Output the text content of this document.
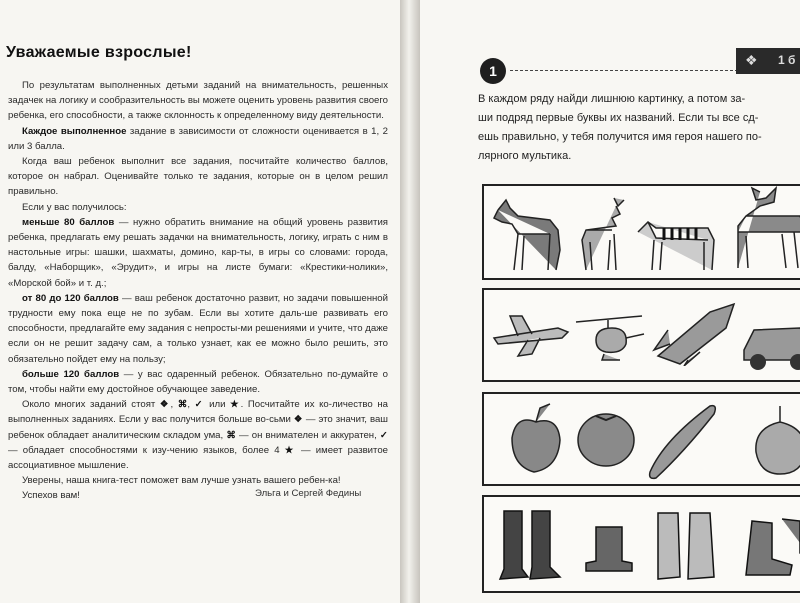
Уважаемые взрослые!

По результатам выполненных детьми заданий на внимательность, решенных задачек на логику и сообразительность вы можете оценить уровень развития своего ребенка, его способности, а также склонность к определенному виду деятельности.

Каждое выполненное задание в зависимости от сложности оценивается в 1, 2 или 3 балла.

Когда ваш ребенок выполнит все задания, посчитайте количество баллов, которое он набрал. Оценивайте только те задания, которые он в целом решил правильно.

Если у вас получилось:

меньше 80 баллов — нужно обратить внимание на общий уровень развития ребенка, предлагать ему решать задачки на внимательность, логику, играть с ним в настольные игры: шашки, шахматы, домино, кар-ты, в игры со словами: города, балду, «Наборщик», «Эрудит», и игры на листе бумаги: «Крестики-нолики», «Морской бой» и т. д.;

от 80 до 120 баллов — ваш ребенок достаточно развит, но задачи повышенной трудности ему пока еще не по зубам. Если вы хотите даль-ше развивать его способности, предлагайте ему задания с непросты-ми решениями и учите, что даже если он не решит задачу сам, а только узнает, как ее можно было решить, это обязательно пойдет ему на пользу;

больше 120 баллов — у вас одаренный ребенок. Обязательно по-думайте о том, чтобы найти ему достойное обучающее заведение.

Около многих заданий стоят ❖, ⌘, ✓ или ★. Посчитайте их ко-личество на выполненных заданиях. Если у вас получится больше во-сьми ❖ — это значит, ваш ребенок обладает аналитическим складом ума, ⌘ — он внимателен и аккуратен, ✓ — обладает способностями к изу-чению языков, более 4 ★ — имеет развитое ассоциативное мышление.

Уверены, наша книга-тест поможет вам лучше узнать вашего ребен-ка!

Успехов вам!	Эльга и Сергей Федины
1
❖ 1 б
В каждом ряду найди лишнюю картинку, а потом за-
ши подряд первые буквы их названий. Если ты все сд-
ешь правильно, у тебя получится имя героя нашего по-
лярного мультика.
